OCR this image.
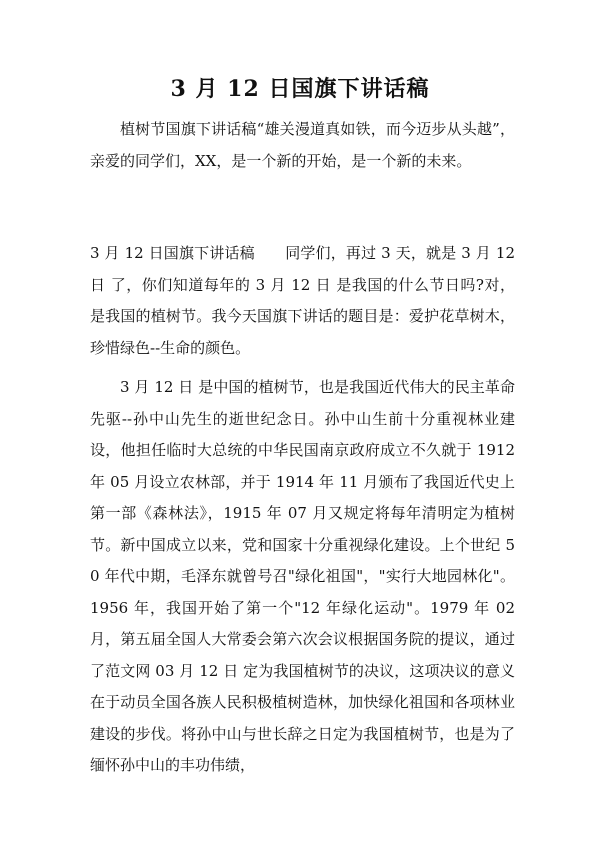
3 月 12 日国旗下讲话稿

植树节国旗下讲话稿“雄关漫道真如铁，而今迈步从头越”，亲爱的同学们，XX，是一个新的开始，是一个新的未来。

3 月 12 日国旗下讲话稿　　同学们，再过 3 天，就是 3 月 12 日 了，你们知道每年的 3 月 12 日 是我国的什么节日吗?对，是我国的植树节。我今天国旗下讲话的题目是：爱护花草树木，珍惜绿色--生命的颜色。

3 月 12 日 是中国的植树节，也是我国近代伟大的民主革命先驱--孙中山先生的逝世纪念日。孙中山生前十分重视林业建设，他担任临时大总统的中华民国南京政府成立不久就于 1912 年 05 月设立农林部，并于 1914 年 11 月颁布了我国近代史上第一部《森林法》，1915 年 07 月又规定将每年清明定为植树节。新中国成立以来，党和国家十分重视绿化建设。上个世纪 50 年代中期，毛泽东就曾号召"绿化祖国"，"实行大地园林化"。1956 年，我国开始了第一个"12 年绿化运动"。1979 年 02 月，第五届全国人大常委会第六次会议根据国务院的提议，通过了范文网 03 月 12 日 定为我国植树节的决议，这项决议的意义在于动员全国各族人民积极植树造林，加快绿化祖国和各项林业建设的步伐。将孙中山与世长辞之日定为我国植树节，也是为了缅怀孙中山的丰功伟绩，
